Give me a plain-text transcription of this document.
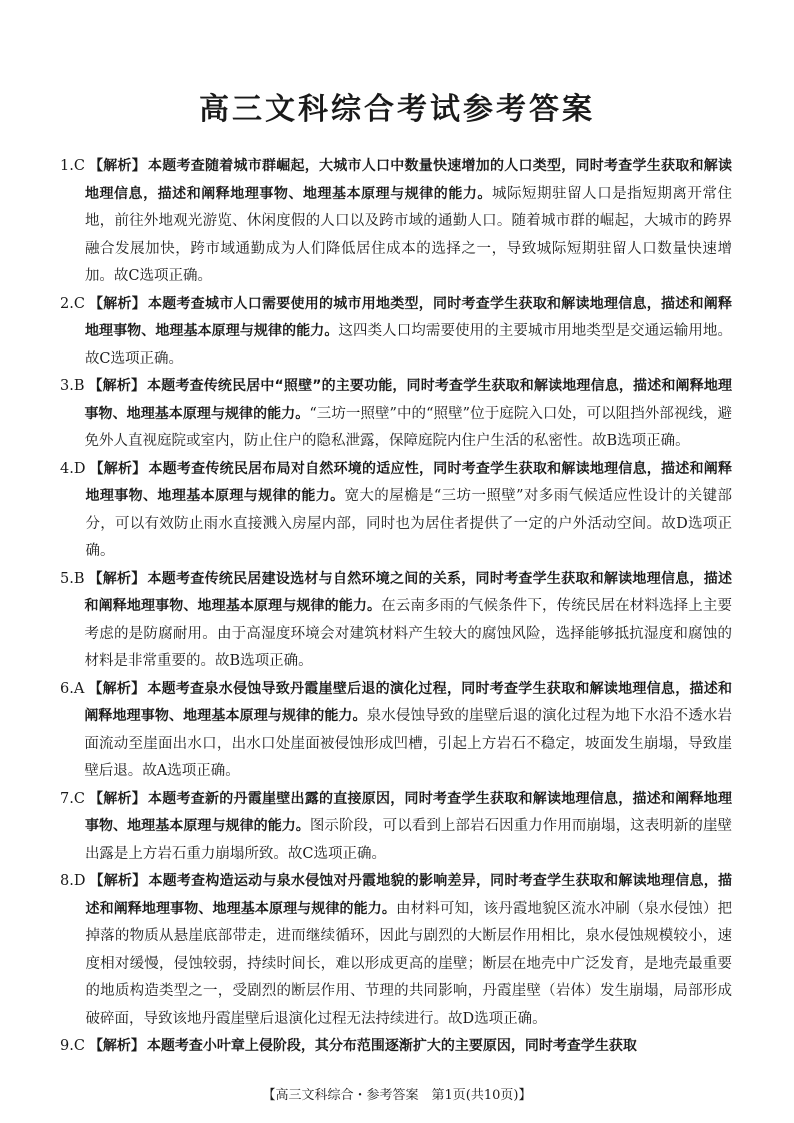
高三文科综合考试参考答案
1.C 【解析】 本题考查随着城市群崛起，大城市人口中数量快速增加的人口类型，同时考查学生获取和解读地理信息，描述和阐释地理事物、地理基本原理与规律的能力。城际短期驻留人口是指短期离开常住地，前往外地观光游览、休闲度假的人口以及跨市域的通勤人口。随着城市群的崛起，大城市的跨界融合发展加快，跨市域通勤成为人们降低居住成本的选择之一，导致城际短期驻留人口数量快速增加。故C选项正确。
2.C 【解析】 本题考查城市人口需要使用的城市用地类型，同时考查学生获取和解读地理信息，描述和阐释地理事物、地理基本原理与规律的能力。这四类人口均需要使用的主要城市用地类型是交通运输用地。故C选项正确。
3.B 【解析】 本题考查传统民居中“照壁”的主要功能，同时考查学生获取和解读地理信息，描述和阐释地理事物、地理基本原理与规律的能力。“三坊一照壁”中的“照壁”位于庭院入口处，可以阻挡外部视线，避免外人直视庭院或室内，防止住户的隐私泄露，保障庭院内住户生活的私密性。故B选项正确。
4.D 【解析】 本题考查传统民居布局对自然环境的适应性，同时考查学生获取和解读地理信息，描述和阐释地理事物、地理基本原理与规律的能力。宽大的屋檐是“三坊一照壁”对多雨气候适应性设计的关键部分，可以有效防止雨水直接溅入房屋内部，同时也为居住者提供了一定的户外活动空间。故D选项正确。
5.B 【解析】 本题考查传统民居建设选材与自然环境之间的关系，同时考查学生获取和解读地理信息，描述和阐释地理事物、地理基本原理与规律的能力。在云南多雨的气候条件下，传统民居在材料选择上主要考虑的是防腐耐用。由于高湿度环境会对建筑材料产生较大的腐蚀风险，选择能够抵抗湿度和腐蚀的材料是非常重要的。故B选项正确。
6.A 【解析】 本题考查泉水侵蚀导致丹霞崖壁后退的演化过程，同时考查学生获取和解读地理信息，描述和阐释地理事物、地理基本原理与规律的能力。泉水侵蚀导致的崖壁后退的演化过程为地下水沿不透水岩面流动至崖面出水口，出水口处崖面被侵蚀形成凹槽，引起上方岩石不稳定，坡面发生崩塌，导致崖壁后退。故A选项正确。
7.C 【解析】 本题考查新的丹霞崖壁出露的直接原因，同时考查学生获取和解读地理信息，描述和阐释地理事物、地理基本原理与规律的能力。图示阶段，可以看到上部岩石因重力作用而崩塌，这表明新的崖壁出露是上方岩石重力崩塌所致。故C选项正确。
8.D 【解析】 本题考查构造运动与泉水侵蚀对丹霞地貌的影响差异，同时考查学生获取和解读地理信息，描述和阐释地理事物、地理基本原理与规律的能力。由材料可知，该丹霞地貌区流水冲刷（泉水侵蚀）把掉落的物质从悬崖底部带走，进而继续循环，因此与剧烈的大断层作用相比，泉水侵蚀规模较小，速度相对缓慢，侵蚀较弱，持续时间长，难以形成更高的崖壁；断层在地壳中广泛发育，是地壳最重要的地质构造类型之一，受剧烈的断层作用、节理的共同影响，丹霞崖壁（岩体）发生崩塌，局部形成破碎面，导致该地丹霞崖壁后退演化过程无法持续进行。故D选项正确。
9.C 【解析】 本题考查小叶章上侵阶段，其分布范围逐渐扩大的主要原因，同时考查学生获取
【高三文科综合・参考答案　第1页(共10页)】
